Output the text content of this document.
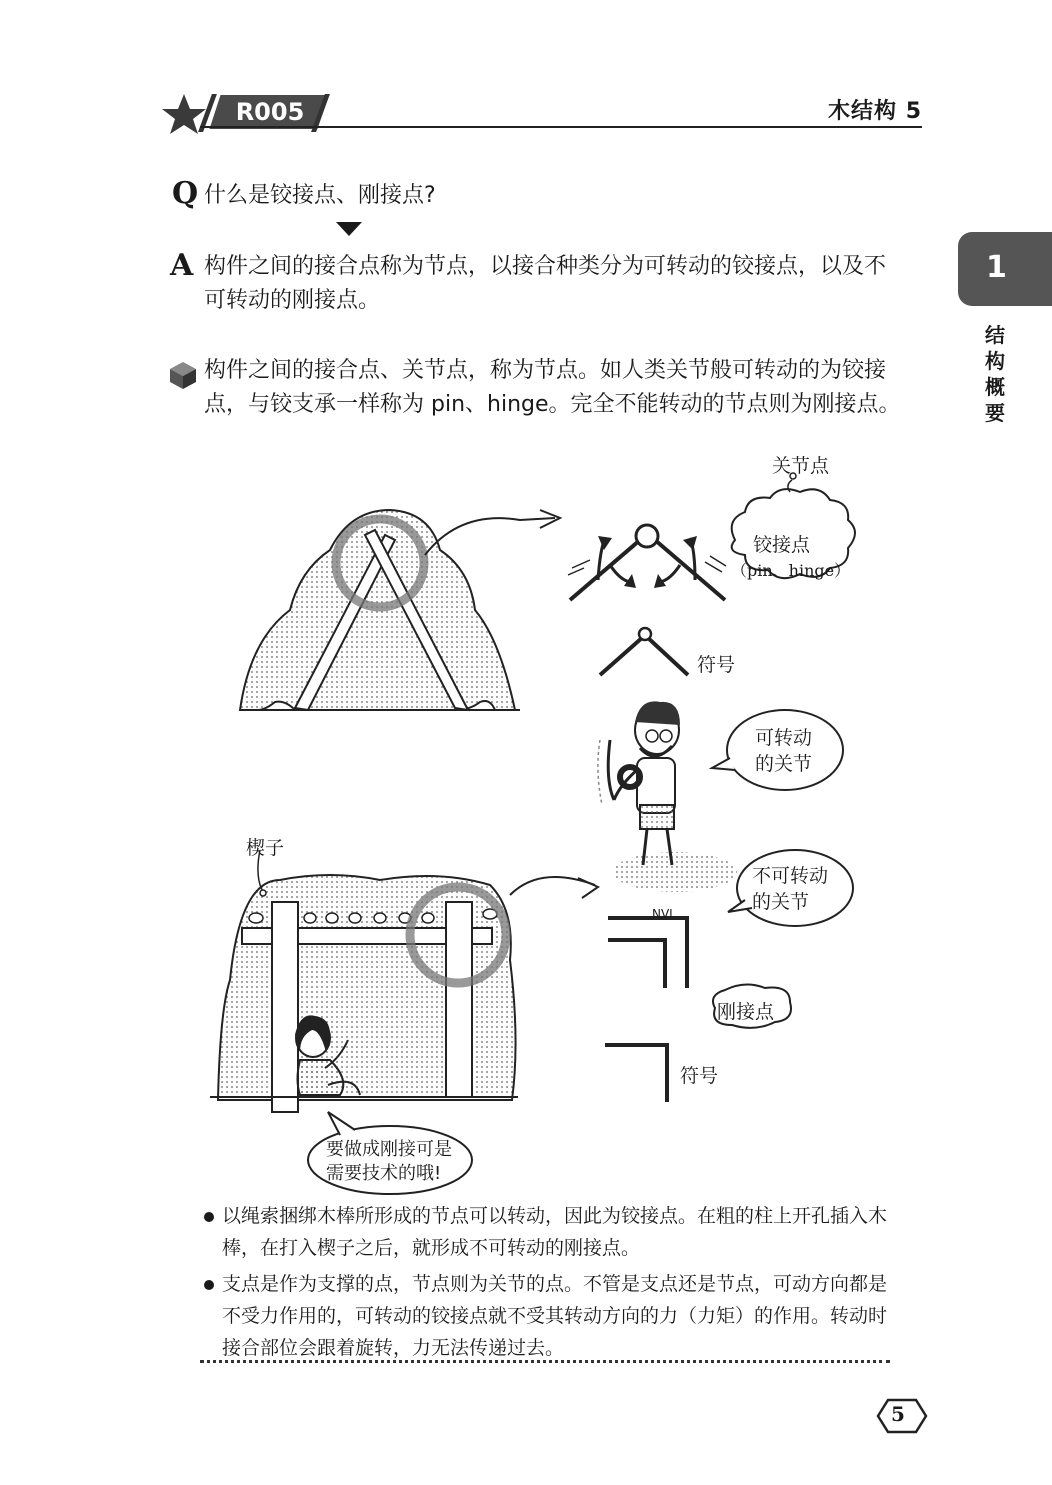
R005	木结构 5
1
结
构
概
要
Q 什么是铰接点、刚接点?
A 构件之间的接合点称为节点，以接合种类分为可转动的铰接点，以及不可转动的刚接点。
构件之间的接合点、关节点，称为节点。如人类关节般可转动的为铰接点，与铰支承一样称为 pin、hinge。完全不能转动的节点则为刚接点。
关节点
铰接点
（pin、hinge）
符号
可转动
的关节
楔子
不可转动
的关节
NVI
刚接点
符号
要做成刚接可是
需要技术的哦!
以绳索捆绑木棒所形成的节点可以转动，因此为铰接点。在粗的柱上开孔插入木棒，在打入楔子之后，就形成不可转动的刚接点。
支点是作为支撑的点，节点则为关节的点。不管是支点还是节点，可动方向都是不受力作用的，可转动的铰接点就不受其转动方向的力（力矩）的作用。转动时接合部位会跟着旋转，力无法传递过去。
5
